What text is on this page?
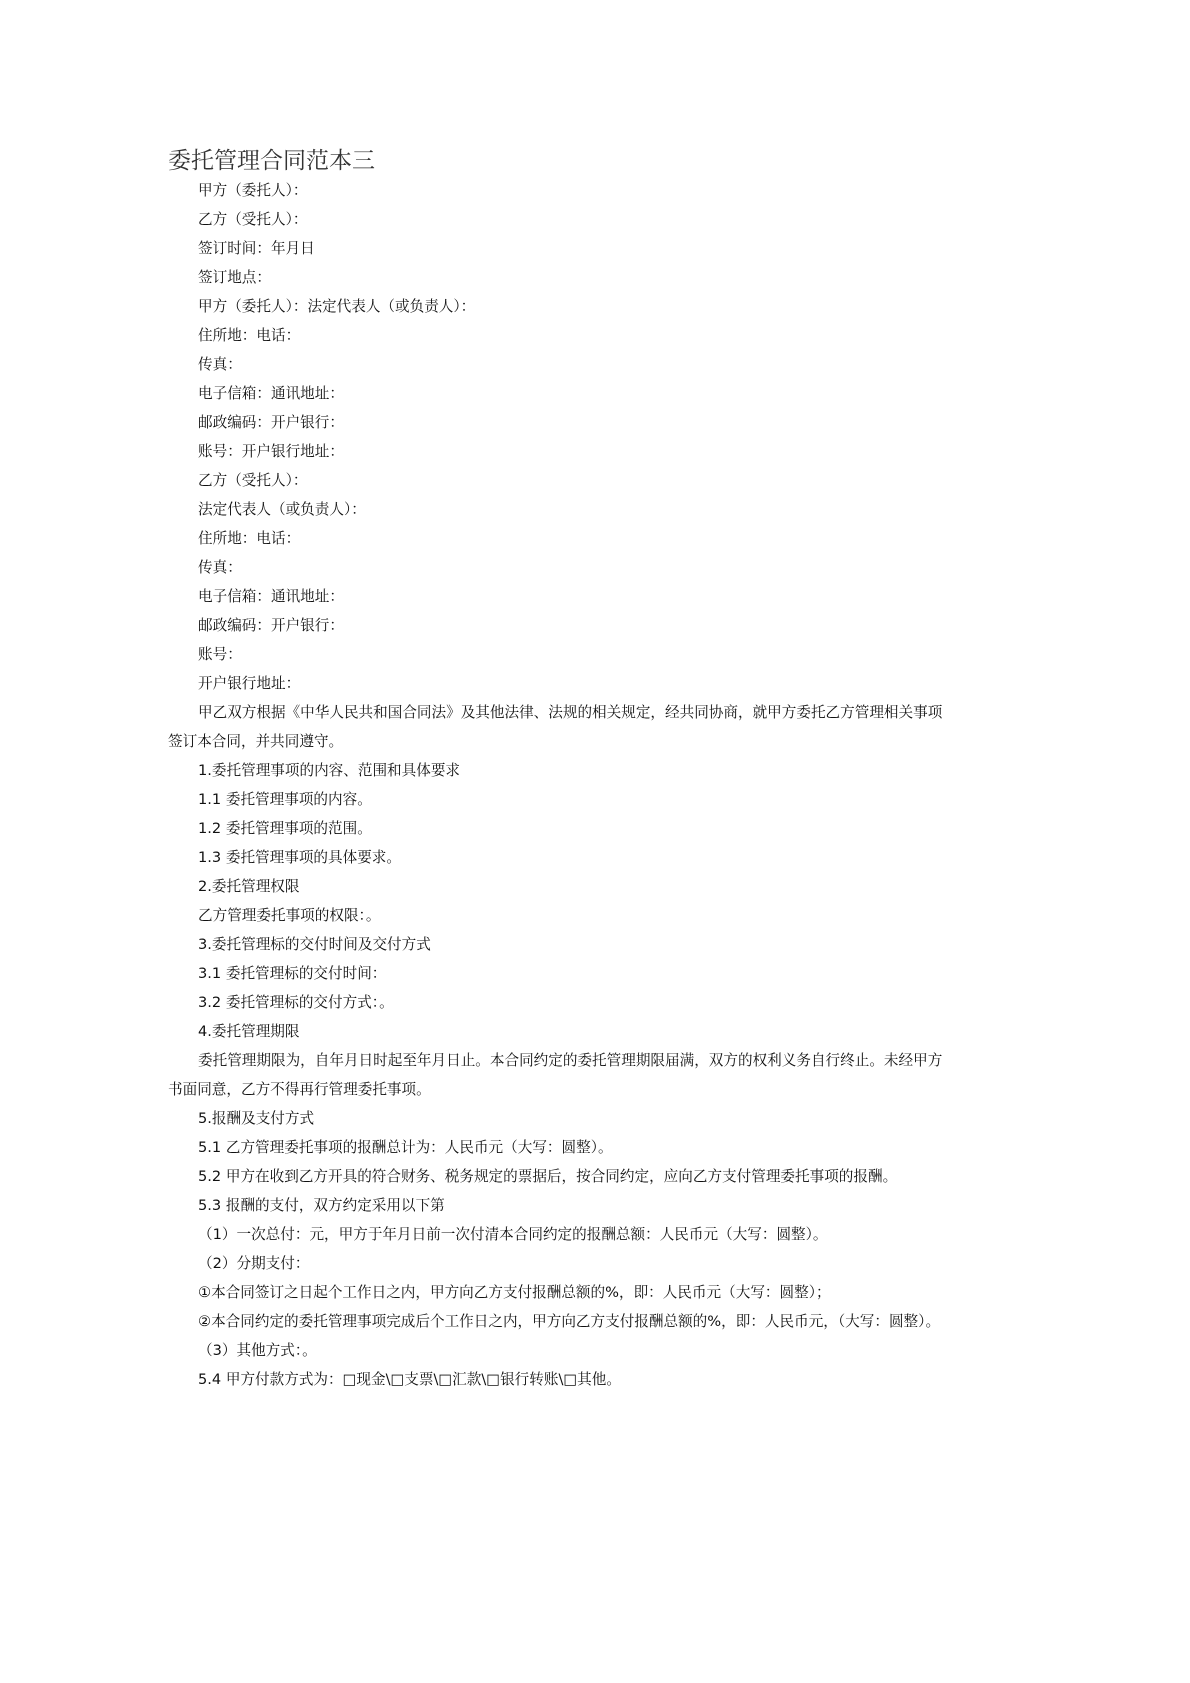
委托管理合同范本三
甲方（委托人）：
乙方（受托人）：
签订时间：年月日
签订地点：
甲方（委托人）：法定代表人（或负责人）：
住所地：电话：
传真：
电子信箱：通讯地址：
邮政编码：开户银行：
账号：开户银行地址：
乙方（受托人）：
法定代表人（或负责人）：
住所地：电话：
传真：
电子信箱：通讯地址：
邮政编码：开户银行：
账号：
开户银行地址：
甲乙双方根据《中华人民共和国合同法》及其他法律、法规的相关规定，经共同协商，就甲方委托乙方管理相关事项签订本合同，并共同遵守。
1.委托管理事项的内容、范围和具体要求
1.1 委托管理事项的内容。
1.2 委托管理事项的范围。
1.3 委托管理事项的具体要求。
2.委托管理权限
乙方管理委托事项的权限：。
3.委托管理标的交付时间及交付方式
3.1 委托管理标的交付时间：
3.2 委托管理标的交付方式：。
4.委托管理期限
委托管理期限为，自年月日时起至年月日止。本合同约定的委托管理期限届满，双方的权利义务自行终止。未经甲方书面同意，乙方不得再行管理委托事项。
5.报酬及支付方式
5.1 乙方管理委托事项的报酬总计为：人民币元（大写：圆整）。
5.2 甲方在收到乙方开具的符合财务、税务规定的票据后，按合同约定，应向乙方支付管理委托事项的报酬。
5.3 报酬的支付，双方约定采用以下第
（1）一次总付：元，甲方于年月日前一次付清本合同约定的报酬总额：人民币元（大写：圆整）。
（2）分期支付：
①本合同签订之日起个工作日之内，甲方向乙方支付报酬总额的%，即：人民币元（大写：圆整）；
②本合同约定的委托管理事项完成后个工作日之内，甲方向乙方支付报酬总额的%，即：人民币元，（大写：圆整）。
（3）其他方式：。
5.4 甲方付款方式为：□现金\□支票\□汇款\□银行转账\□其他。
